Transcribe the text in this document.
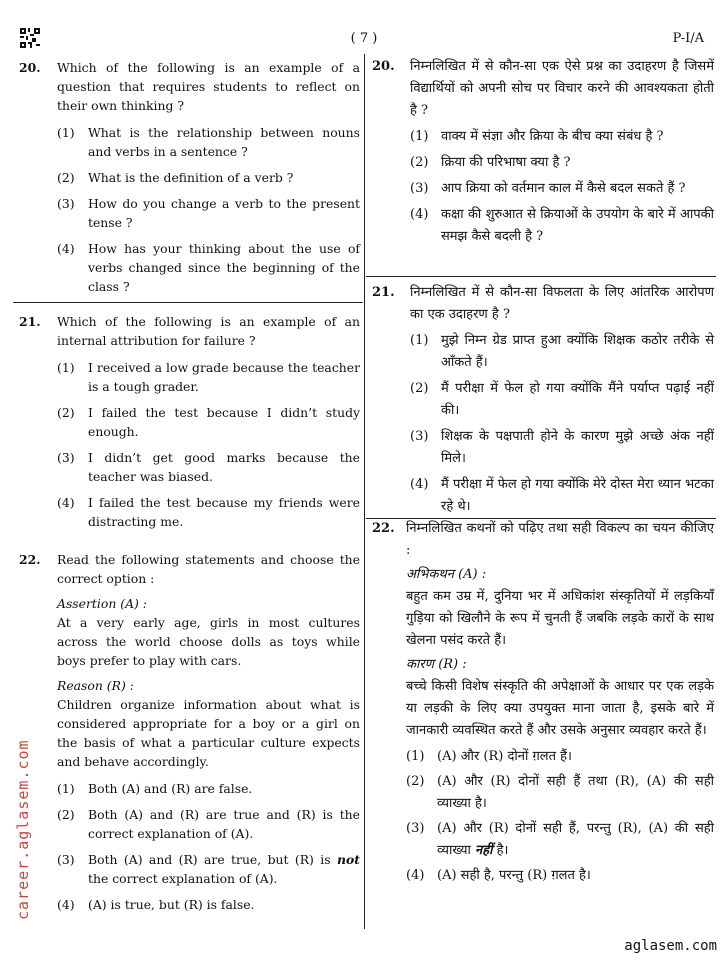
( 7 )	P-I/A
20. Which of the following is an example of a question that requires students to reflect on their own thinking ?

(1) What is the relationship between nouns and verbs in a sentence ?
(2) What is the definition of a verb ?
(3) How do you change a verb to the present tense ?
(4) How has your thinking about the use of verbs changed since the beginning of the class ?
21. Which of the following is an example of an internal attribution for failure ?

(1) I received a low grade because the teacher is a tough grader.
(2) I failed the test because I didn’t study enough.
(3) I didn’t get good marks because the teacher was biased.
(4) I failed the test because my friends were distracting me.
22. Read the following statements and choose the correct option :

Assertion (A) :

At a very early age, girls in most cultures across the world choose dolls as toys while boys prefer to play with cars.

Reason (R) :

Children organize information about what is considered appropriate for a boy or a girl on the basis of what a particular culture expects and behave accordingly.

(1) Both (A) and (R) are false.
(2) Both (A) and (R) are true and (R) is the correct explanation of (A).
(3) Both (A) and (R) are true, but (R) is not the correct explanation of (A).
(4) (A) is true, but (R) is false.
20. निम्नलिखित में से कौन-सा एक ऐसे प्रश्न का उदाहरण है जिसमें विद्यार्थियों को अपनी सोच पर विचार करने की आवश्यकता होती है ?

(1) वाक्य में संज्ञा और क्रिया के बीच क्या संबंध है ?
(2) क्रिया की परिभाषा क्या है ?
(3) आप क्रिया को वर्तमान काल में कैसे बदल सकते हैं ?
(4) कक्षा की शुरुआत से क्रियाओं के उपयोग के बारे में आपकी समझ कैसे बदली है ?
21. निम्नलिखित में से कौन-सा विफलता के लिए आंतरिक आरोपण का एक उदाहरण है ?

(1) मुझे निम्न ग्रेड प्राप्त हुआ क्योंकि शिक्षक कठोर तरीके से आँकते हैं।
(2) मैं परीक्षा में फेल हो गया क्योंकि मैंने पर्याप्त पढ़ाई नहीं की।
(3) शिक्षक के पक्षपाती होने के कारण मुझे अच्छे अंक नहीं मिले।
(4) मैं परीक्षा में फेल हो गया क्योंकि मेरे दोस्त मेरा ध्यान भटका रहे थे।
22. निम्नलिखित कथनों को पढ़िए तथा सही विकल्प का चयन कीजिए :

अभिकथन (A) :

बहुत कम उम्र में, दुनिया भर में अधिकांश संस्कृतियों में लड़कियाँ गुड़िया को खिलौने के रूप में चुनती हैं जबकि लड़के कारों के साथ खेलना पसंद करते हैं।

कारण (R) :

बच्चे किसी विशेष संस्कृति की अपेक्षाओं के आधार पर एक लड़के या लड़की के लिए क्या उपयुक्त माना जाता है, इसके बारे में जानकारी व्यवस्थित करते हैं और उसके अनुसार व्यवहार करते हैं।

(1) (A) और (R) दोनों ग़लत हैं।
(2) (A) और (R) दोनों सही हैं तथा (R), (A) की सही व्याख्या है।
(3) (A) और (R) दोनों सही हैं, परन्तु (R), (A) की सही व्याख्या नहीं है।
(4) (A) सही है, परन्तु (R) ग़लत है।
career.aglasem.com
aglasem.com
